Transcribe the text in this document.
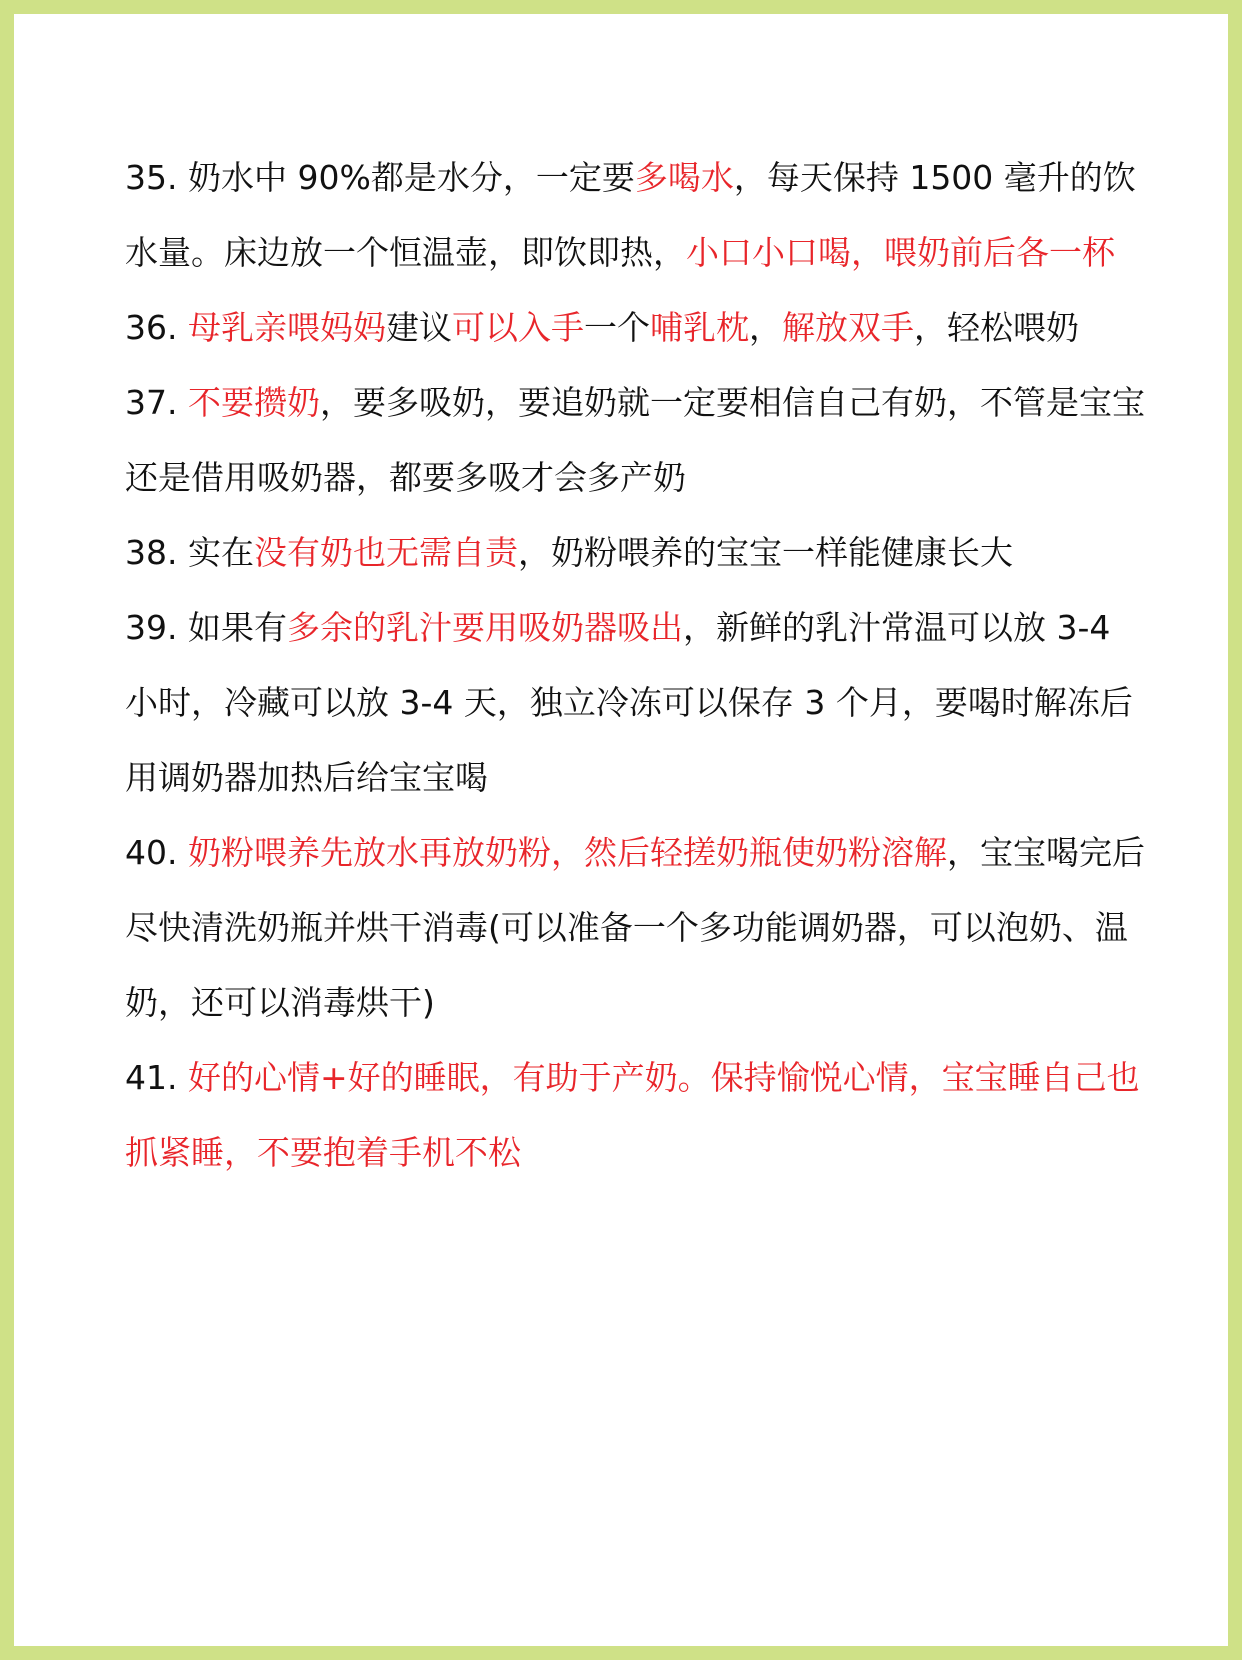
35. 奶水中 90%都是水分，一定要多喝水，每天保持 1500 毫升的饮水量。床边放一个恒温壶，即饮即热，小口小口喝，喂奶前后各一杯

36. 母乳亲喂妈妈建议可以入手一个哺乳枕，解放双手，轻松喂奶

37. 不要攒奶，要多吸奶，要追奶就一定要相信自己有奶，不管是宝宝还是借用吸奶器，都要多吸才会多产奶

38. 实在没有奶也无需自责，奶粉喂养的宝宝一样能健康长大

39. 如果有多余的乳汁要用吸奶器吸出，新鲜的乳汁常温可以放 3-4 小时，冷藏可以放 3-4 天，独立冷冻可以保存 3 个月，要喝时解冻后用调奶器加热后给宝宝喝

40. 奶粉喂养先放水再放奶粉，然后轻搓奶瓶使奶粉溶解，宝宝喝完后尽快清洗奶瓶并烘干消毒(可以准备一个多功能调奶器，可以泡奶、温奶，还可以消毒烘干)

41. 好的心情+好的睡眠，有助于产奶。保持愉悦心情，宝宝睡自己也抓紧睡，不要抱着手机不松
